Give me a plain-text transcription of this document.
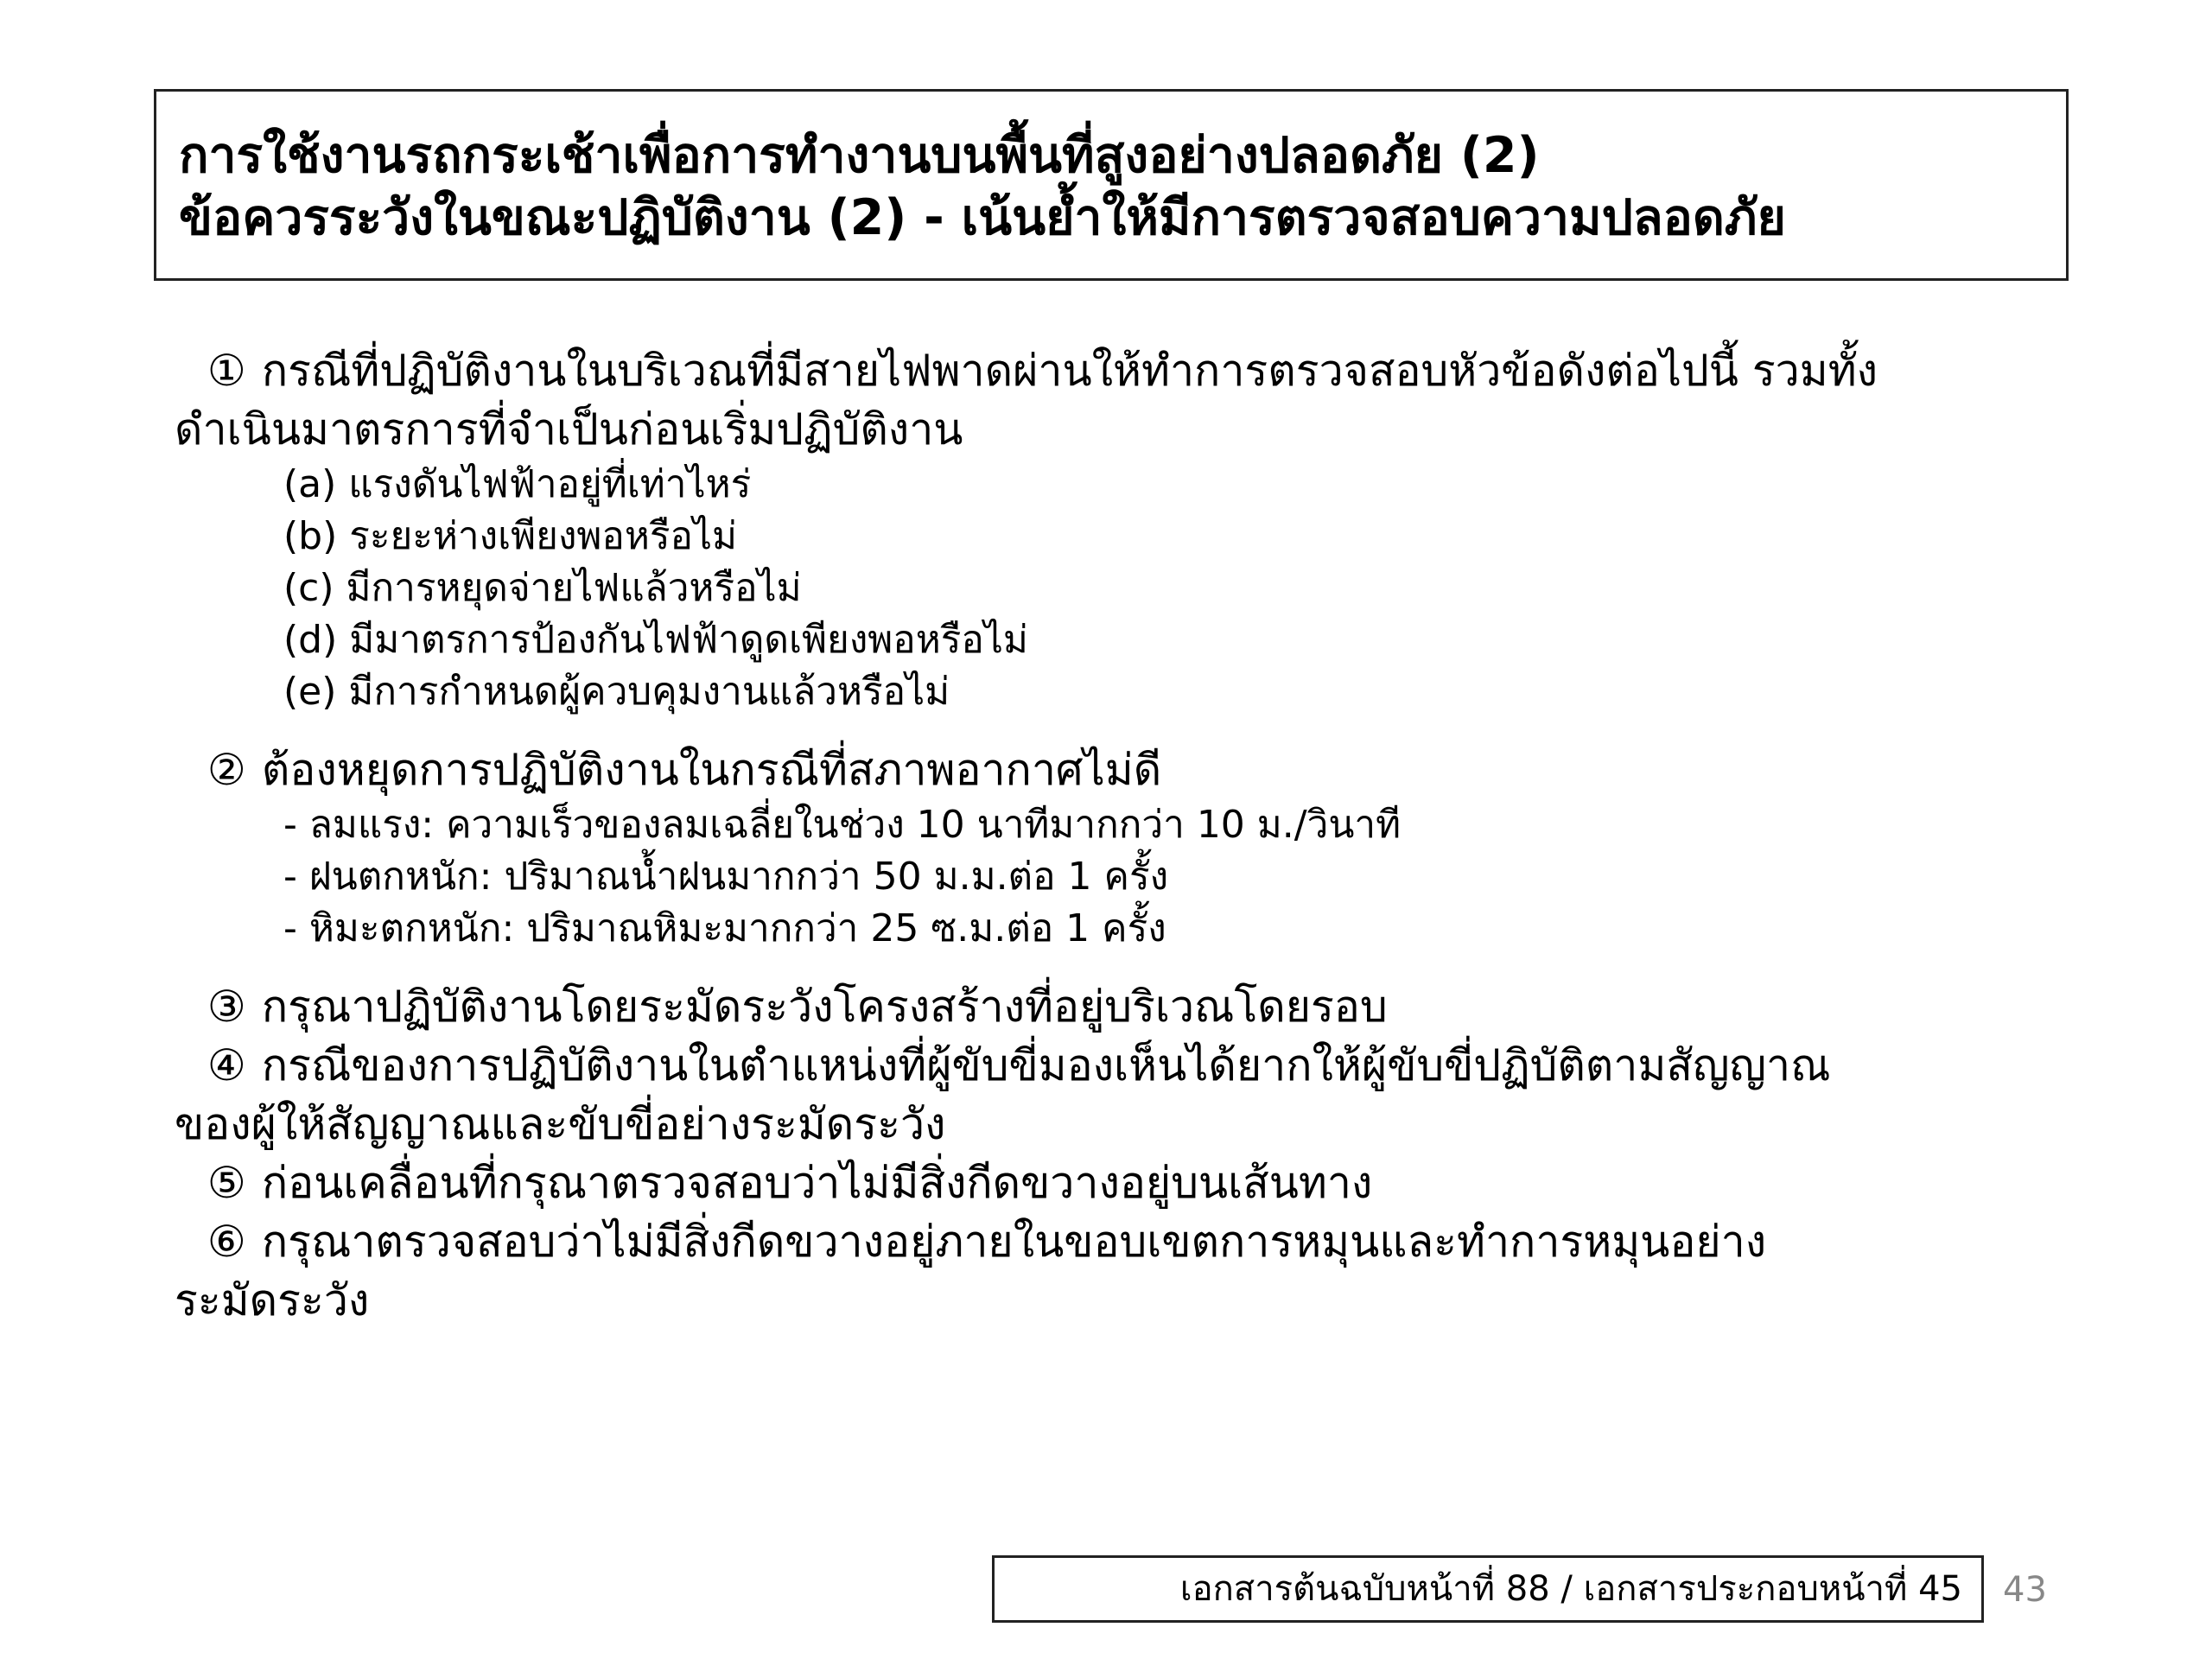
การใช้งานรถกระเช้าเพื่อการทำงานบนพื้นที่สูงอย่างปลอดภัย (2)
ข้อควรระวังในขณะปฏิบัติงาน (2) - เน้นย้ำให้มีการตรวจสอบความปลอดภัย
① กรณีที่ปฏิบัติงานในบริเวณที่มีสายไฟพาดผ่านให้ทำการตรวจสอบหัวข้อดังต่อไปนี้ รวมทั้ง
ดำเนินมาตรการที่จำเป็นก่อนเริ่มปฏิบัติงาน
(a) แรงดันไฟฟ้าอยู่ที่เท่าไหร่
(b) ระยะห่างเพียงพอหรือไม่
(c) มีการหยุดจ่ายไฟแล้วหรือไม่
(d) มีมาตรการป้องกันไฟฟ้าดูดเพียงพอหรือไม่
(e) มีการกำหนดผู้ควบคุมงานแล้วหรือไม่
② ต้องหยุดการปฏิบัติงานในกรณีที่สภาพอากาศไม่ดี
- ลมแรง: ความเร็วของลมเฉลี่ยในช่วง 10 นาทีมากกว่า 10 ม./วินาที
- ฝนตกหนัก: ปริมาณน้ำฝนมากกว่า 50 ม.ม.ต่อ 1 ครั้ง
- หิมะตกหนัก: ปริมาณหิมะมากกว่า 25 ซ.ม.ต่อ 1 ครั้ง
③ กรุณาปฏิบัติงานโดยระมัดระวังโครงสร้างที่อยู่บริเวณโดยรอบ
④ กรณีของการปฏิบัติงานในตำแหน่งที่ผู้ขับขี่มองเห็นได้ยากให้ผู้ขับขี่ปฏิบัติตามสัญญาณ
ของผู้ให้สัญญาณและขับขี่อย่างระมัดระวัง
⑤ ก่อนเคลื่อนที่กรุณาตรวจสอบว่าไม่มีสิ่งกีดขวางอยู่บนเส้นทาง
⑥ กรุณาตรวจสอบว่าไม่มีสิ่งกีดขวางอยู่ภายในขอบเขตการหมุนและทำการหมุนอย่าง
ระมัดระวัง
เอกสารต้นฉบับหน้าที่ 88 / เอกสารประกอบหน้าที่ 45	43
